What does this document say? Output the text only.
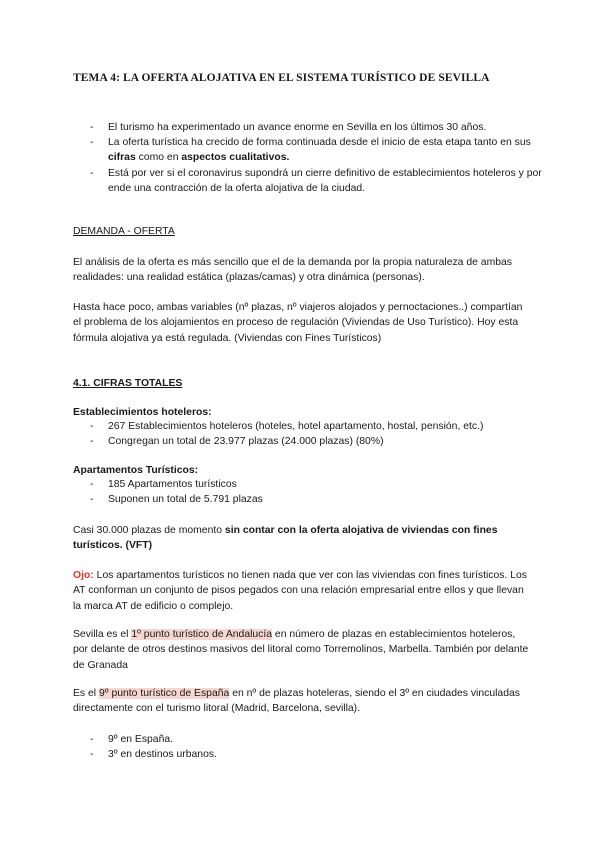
TEMA 4: LA OFERTA ALOJATIVA EN EL SISTEMA TURÍSTICO DE SEVILLA
- El turismo ha experimentado un avance enorme en Sevilla en los últimos 30 años.
- La oferta turística ha crecido de forma continuada desde el inicio de esta etapa tanto en sus cifras como en aspectos cualitativos.
- Está por ver si el coronavirus supondrá un cierre definitivo de establecimientos hoteleros y por ende una contracción de la oferta alojativa de la ciudad.
DEMANDA - OFERTA
El análisis de la oferta es más sencillo que el de la demanda por la propia naturaleza de ambas realidades: una realidad estática (plazas/camas) y otra dinámica (personas).
Hasta hace poco, ambas variables (nº plazas, nº viajeros alojados y pernoctaciones..) compartían el problema de los alojamientos en proceso de regulación (Viviendas de Uso Turístico). Hoy esta fórmula alojativa ya está regulada. (Viviendas con Fines Turísticos)
4.1. CIFRAS TOTALES
Establecimientos hoteleros:
- 267 Establecimientos hoteleros (hoteles, hotel apartamento, hostal, pensión, etc.)
- Congregan un total de 23.977 plazas (24.000 plazas) (80%)
Apartamentos Turísticos:
- 185 Apartamentos turísticos
- Suponen un total de 5.791 plazas
Casi 30.000 plazas de momento sin contar con la oferta alojativa de viviendas con fines turísticos. (VFT)
Ojo: Los apartamentos turísticos no tienen nada que ver con las viviendas con fines turísticos. Los AT conforman un conjunto de pisos pegados con una relación empresarial entre ellos y que llevan la marca AT de edificio o complejo.
Sevilla es el 1º punto turístico de Andalucía en número de plazas en establecimientos hoteleros, por delante de otros destinos masivos del litoral como Torremolinos, Marbella. También por delante de Granada
Es el 9º punto turístico de España en nº de plazas hoteleras, siendo el 3º en ciudades vinculadas directamente con el turismo litoral (Madrid, Barcelona, sevilla).
- 9º en España.
- 3º en destinos urbanos.
